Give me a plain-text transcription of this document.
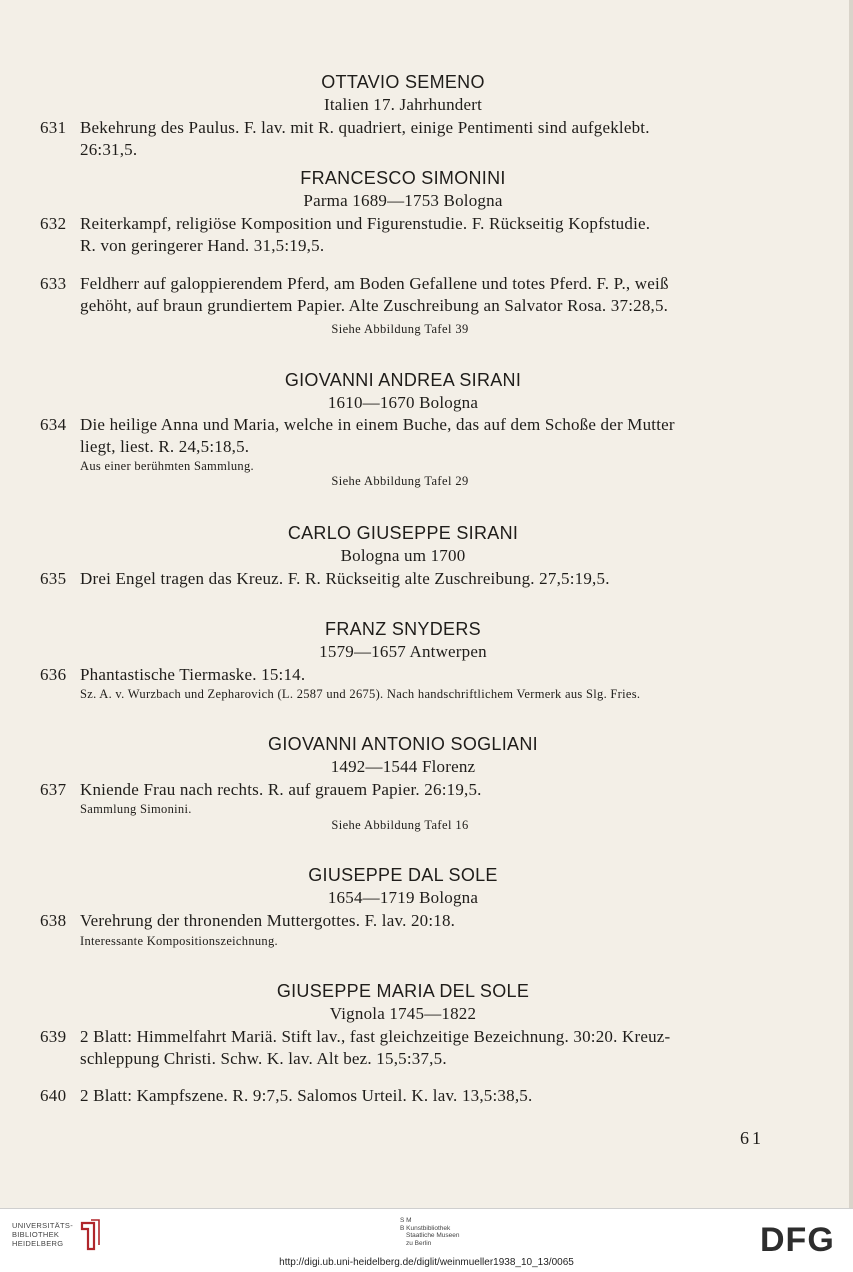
OTTAVIO SEMENO
Italien 17. Jahrhundert
631 Bekehrung des Paulus. F. lav. mit R. quadriert, einige Pentimenti sind aufgeklebt.
26:31,5.
FRANCESCO SIMONINI
Parma 1689—1753 Bologna
632 Reiterkampf, religiöse Komposition und Figurenstudie. F. Rückseitig Kopfstudie.
R. von geringerer Hand. 31,5:19,5.
633 Feldherr auf galoppierendem Pferd, am Boden Gefallene und totes Pferd. F. P., weiß
gehöht, auf braun grundiertem Papier. Alte Zuschreibung an Salvator Rosa. 37:28,5.
Siehe Abbildung Tafel 39
GIOVANNI ANDREA SIRANI
1610—1670 Bologna
634 Die heilige Anna und Maria, welche in einem Buche, das auf dem Schoße der Mutter
liegt, liest. R. 24,5:18,5.
Aus einer berühmten Sammlung.
Siehe Abbildung Tafel 29
CARLO GIUSEPPE SIRANI
Bologna um 1700
635 Drei Engel tragen das Kreuz. F. R. Rückseitig alte Zuschreibung. 27,5:19,5.
FRANZ SNYDERS
1579—1657 Antwerpen
636 Phantastische Tiermaske. 15:14.
Sz. A. v. Wurzbach und Zepharovich (L. 2587 und 2675). Nach handschriftlichem Vermerk aus Slg. Fries.
GIOVANNI ANTONIO SOGLIANI
1492—1544 Florenz
637 Kniende Frau nach rechts. R. auf grauem Papier. 26:19,5.
Sammlung Simonini.
Siehe Abbildung Tafel 16
GIUSEPPE DAL SOLE
1654—1719 Bologna
638 Verehrung der thronenden Muttergottes. F. lav. 20:18.
Interessante Kompositionszeichnung.
GIUSEPPE MARIA DEL SOLE
Vignola 1745—1822
639 2 Blatt: Himmelfahrt Mariä. Stift lav., fast gleichzeitige Bezeichnung. 30:20. Kreuz-
schleppung Christi. Schw. K. lav. Alt bez. 15,5:37,5.
640 2 Blatt: Kampfszene. R. 9:7,5. Salomos Urteil. K. lav. 13,5:38,5.
61
UNIVERSITÄTS-
BIBLIOTHEK
HEIDELBERG
S M
B Kunstbibliothek
Staatliche Museen
zu Berlin	DFG
http://digi.ub.uni-heidelberg.de/diglit/weinmueller1938_10_13/0065
